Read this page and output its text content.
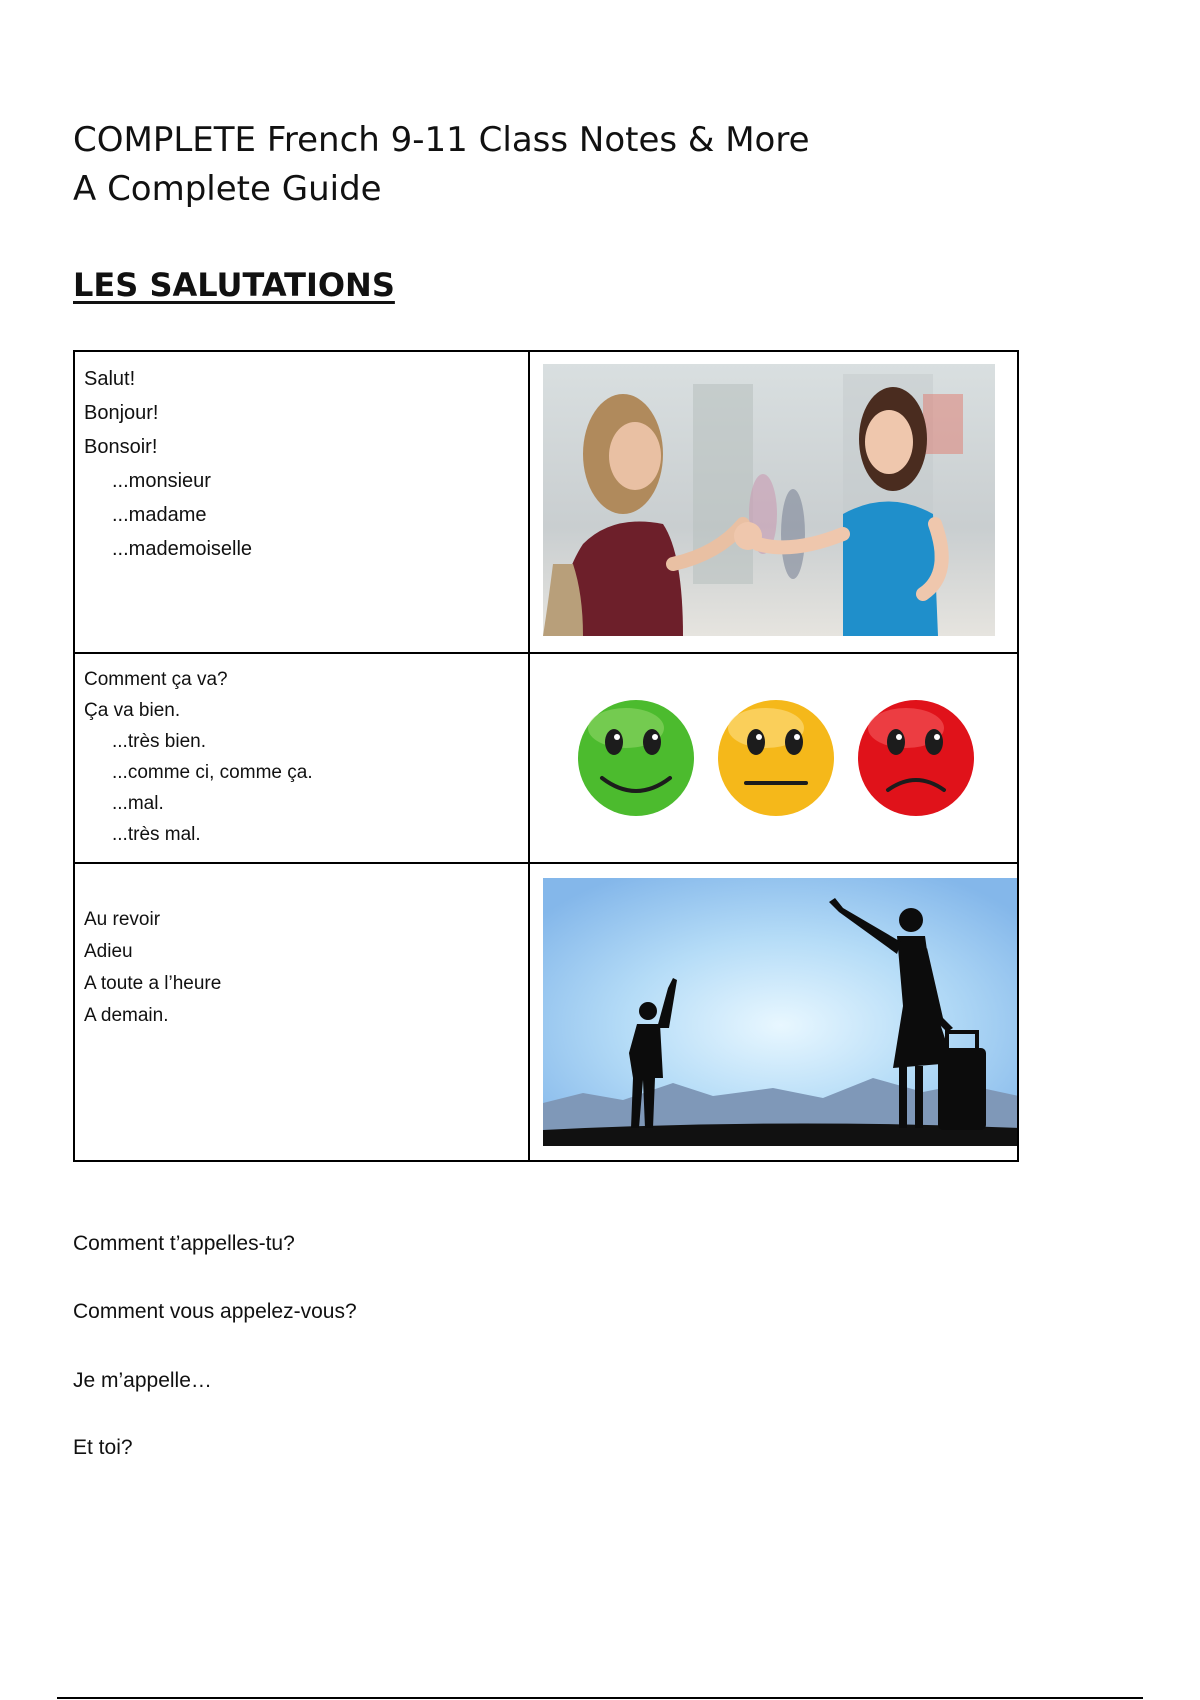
COMPLETE French 9-11 Class Notes & More
A Complete Guide
LES SALUTATIONS
Salut!
Bonjour!
Bonsoir!
...monsieur
...madame
...mademoiselle
Comment ça va?
Ça va bien.
...très bien.
...comme ci, comme ça.
...mal.
...très mal.
Au revoir
Adieu
A toute a l’heure
A demain.
Comment t’appelles-tu?
Comment vous appelez-vous?
Je m’appelle…
Et toi?
